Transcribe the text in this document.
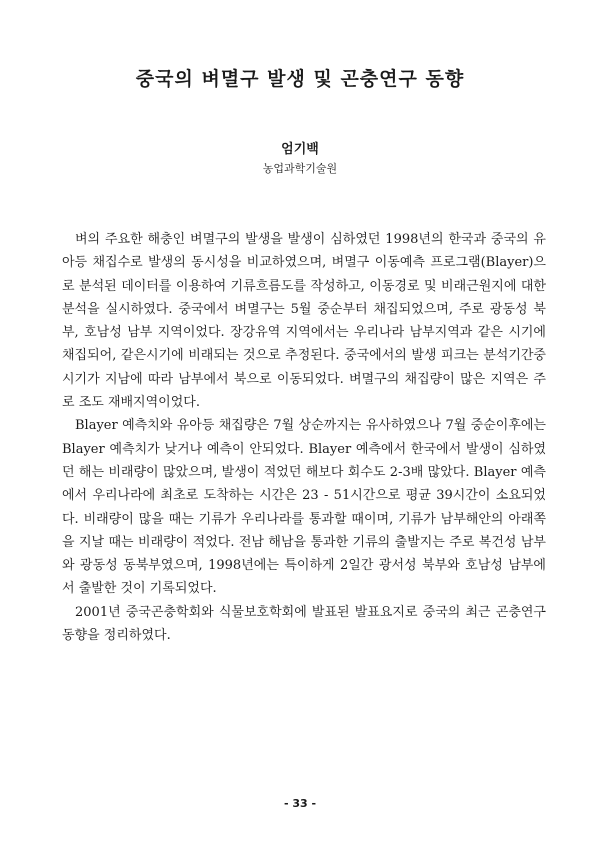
중국의 벼멸구 발생 및 곤충연구 동향
엄기백
농업과학기술원

벼의 주요한 해충인 벼멸구의 발생을 발생이 심하였던 1998년의 한국과 중국의 유아등 채집수로 발생의 동시성을 비교하였으며, 벼멸구 이동예측 프로그램(Blayer)으로 분석된 데이터를 이용하여 기류흐름도를 작성하고, 이동경로 및 비래근원지에 대한 분석을 실시하였다. 중국에서 벼멸구는 5월 중순부터 채집되었으며, 주로 광동성 북부, 호남성 남부 지역이었다. 장강유역 지역에서는 우리나라 남부지역과 같은 시기에 채집되어, 같은시기에 비래되는 것으로 추정된다. 중국에서의 발생 피크는 분석기간중 시기가 지남에 따라 남부에서 북으로 이동되었다. 벼멸구의 채집량이 많은 지역은 주로 조도 재배지역이었다.

Blayer 예측치와 유아등 채집량은 7월 상순까지는 유사하였으나 7월 중순이후에는 Blayer 예측치가 낮거나 예측이 안되었다. Blayer 예측에서 한국에서 발생이 심하였던 해는 비래량이 많았으며, 발생이 적었던 해보다 회수도 2-3배 많았다. Blayer 예측에서 우리나라에 최초로 도착하는 시간은 23 - 51시간으로 평균 39시간이 소요되었다. 비래량이 많을 때는 기류가 우리나라를 통과할 때이며, 기류가 남부해안의 아래쪽을 지날 때는 비래량이 적었다. 전남 해남을 통과한 기류의 출발지는 주로 복건성 남부와 광동성 동북부였으며, 1998년에는 특이하게 2일간 광서성 북부와 호남성 남부에서 출발한 것이 기록되었다.

2001년 중국곤충학회와 식물보호학회에 발표된 발표요지로 중국의 최근 곤충연구 동향을 정리하였다.

- 33 -
